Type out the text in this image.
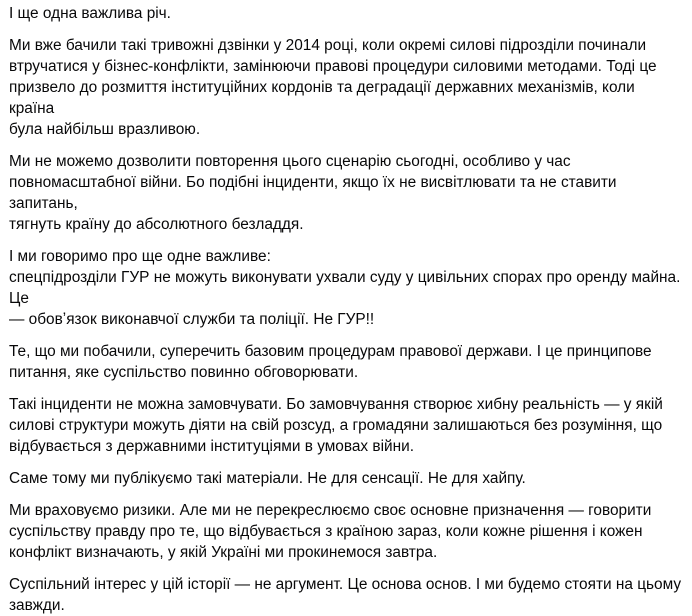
І ще одна важлива річ.

Ми вже бачили такі тривожні дзвінки у 2014 році, коли окремі силові підрозділи починали
втручатися у бізнес-конфлікти, замінюючи правові процедури силовими методами. Тоді це
призвело до розмиття інституційних кордонів та деградації державних механізмів, коли країна
була найбільш вразливою.

Ми не можемо дозволити повторення цього сценарію сьогодні, особливо у час
повномасштабної війни. Бо подібні інциденти, якщо їх не висвітлювати та не ставити запитань,
тягнуть країну до абсолютного безладдя.

І ми говоримо про ще одне важливе:
спецпідрозділи ГУР не можуть виконувати ухвали суду у цивільних спорах про оренду майна. Це
— обовʼязок виконавчої служби та поліції. Не ГУР!!

Те, що ми побачили, суперечить базовим процедурам правової держави. І це принципове
питання, яке суспільство повинно обговорювати.

Такі інциденти не можна замовчувати. Бо замовчування створює хибну реальність — у якій
силові структури можуть діяти на свій розсуд, а громадяни залишаються без розуміння, що
відбувається з державними інституціями в умовах війни.

Саме тому ми публікуємо такі матеріали. Не для сенсації. Не для хайпу.

Ми враховуємо ризики. Але ми не перекреслюємо своє основне призначення — говорити
суспільству правду про те, що відбувається з країною зараз, коли кожне рішення і кожен
конфлікт визначають, у якій Україні ми прокинемося завтра.

Суспільний інтерес у цій історії — не аргумент. Це основа основ. І ми будемо стояти на цьому
завжди.
